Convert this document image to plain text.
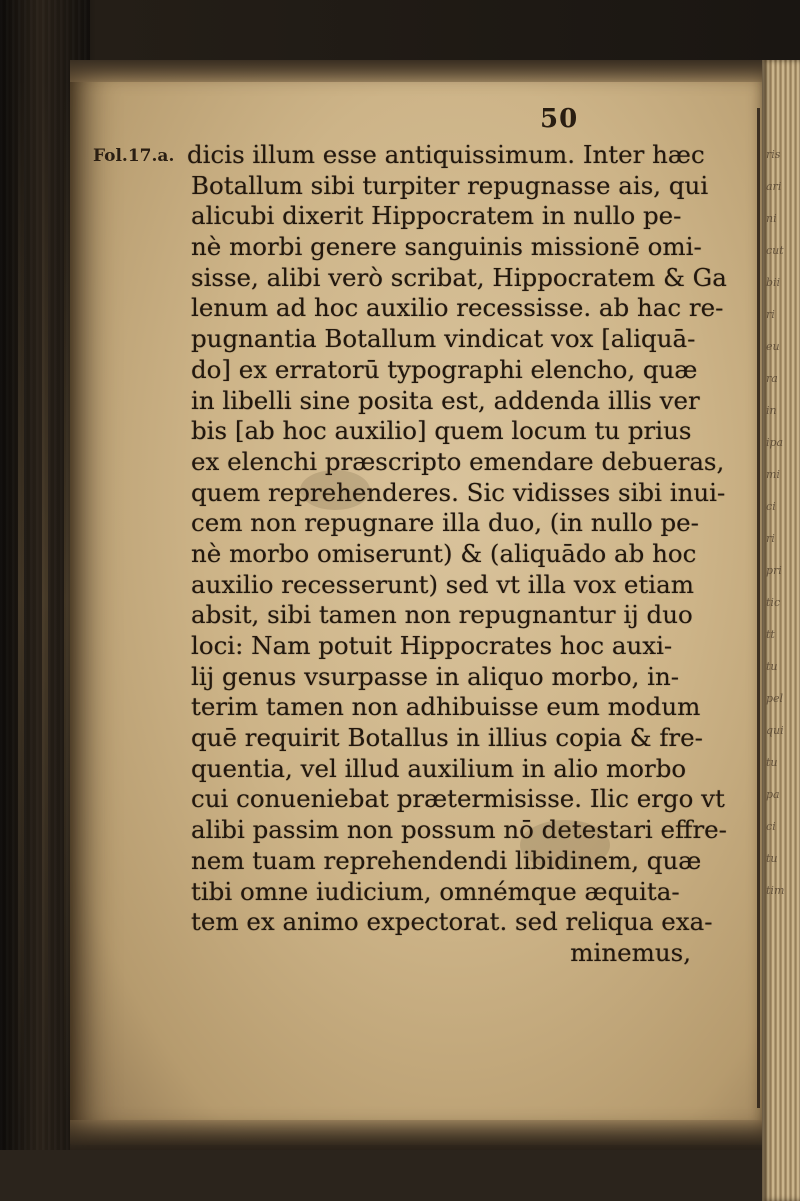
ris
ari
ni
cut
bii
ri
eu
ra
in
ipa
mi
ci
ri
pri
tic
tt
tu
pel
qui
tu
pa
ci
tu
tim
50
Fol.17.a. dicis illum esse antiquissimum. Inter hæc
Botallum sibi turpiter repugnasse ais, qui
alicubi dixerit Hippocratem in nullo pe-
nè morbi genere sanguinis missionē omi-
sisse, alibi verò scribat, Hippocratem & Ga
lenum ad hoc auxilio recessisse. ab hac re-
pugnantia Botallum vindicat vox [aliquā-
do] ex erratorū typographi elencho, quæ
in libelli sine posita est, addenda illis ver
bis [ab hoc auxilio] quem locum tu prius
ex elenchi præscripto emendare debueras,
quem reprehenderes. Sic vidisses sibi inui-
cem non repugnare illa duo, (in nullo pe-
nè morbo omiserunt) & (aliquādo ab hoc
auxilio recesserunt) sed vt illa vox etiam
absit, sibi tamen non repugnantur ij duo
loci: Nam potuit Hippocrates hoc auxi-
lij genus vsurpasse in aliquo morbo, in-
terim tamen non adhibuisse eum modum
quē requirit Botallus in illius copia & fre-
quentia, vel illud auxilium in alio morbo
cui conueniebat prætermisisse. Ilic ergo vt
alibi passim non possum nō detestari effre-
nem tuam reprehendendi libidinem, quæ
tibi omne iudicium, omnémque æquita-
tem ex animo expectorat. sed reliqua exa-
minemus,
